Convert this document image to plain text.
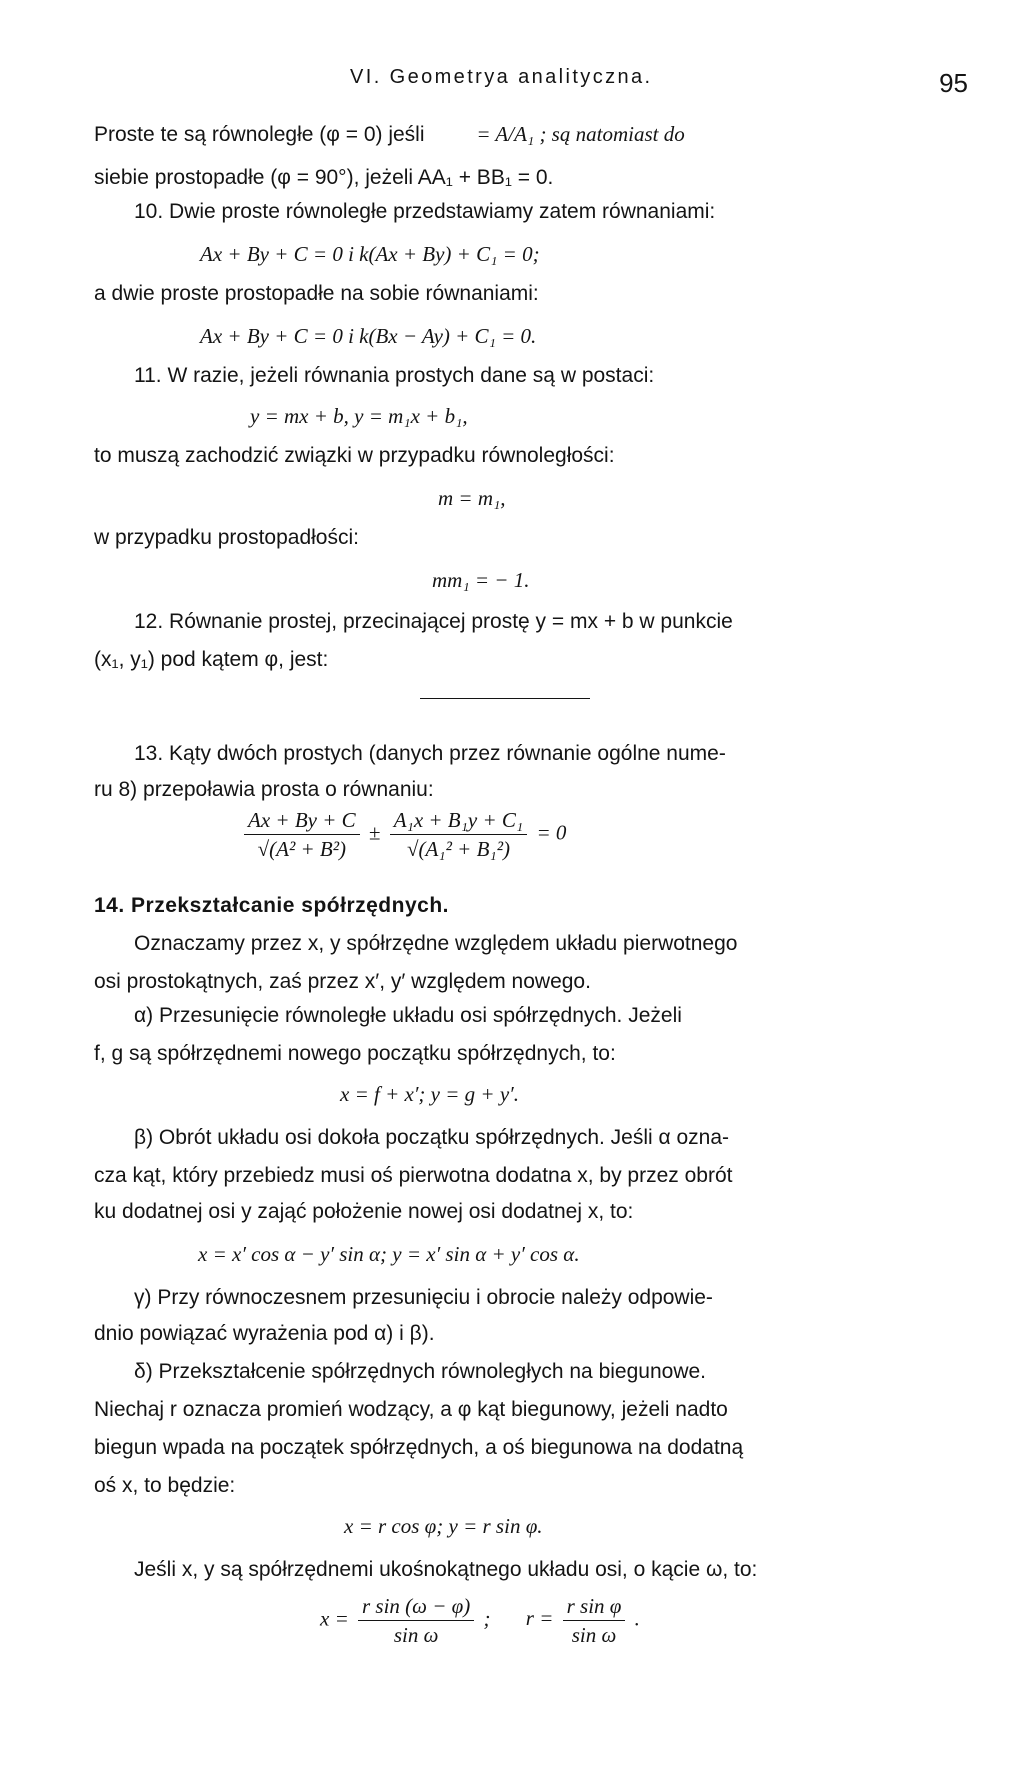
VI. Geometrya analityczna.	95
Proste te są równoległe (φ = 0) jeśli = A/A₁ ; są natomiast do
siebie prostopadłe (φ = 90°), jeżeli AA₁ + BB₁ = 0.
10. Dwie proste równoległe przedstawiamy zatem równaniami:
Ax + By + C = 0 i k(Ax + By) + C₁ = 0;
a dwie proste prostopadłe na sobie równaniami:
Ax + By + C = 0 i k(Bx − Ay) + C₁ = 0.
11. W razie, jeżeli równania prostych dane są w postaci:
y = mx + b, y = m₁x + b₁,
to muszą zachodzić związki w przypadku równoległości:
m = m₁,
w przypadku prostopadłości:
mm₁ = − 1.
12. Równanie prostej, przecinającej prostę y = mx + b w punkcie
(x₁, y₁) pod kątem φ, jest:
13. Kąty dwóch prostych (danych przez równanie ogólne nume-
ru 8) przepoławia prosta o równaniu:
$\frac{Ax + By + C}{\text{√(A² + B²)}} \pm \frac{\text{A₁x + B₁y + C₁}}{\text{√(A₁² + B₁²)}} = 0$
14. Przekształcanie spółrzędnych.
Oznaczamy przez x, y spółrzędne względem układu pierwotnego
osi prostokątnych, zaś przez x′, y′ względem nowego.
α) Przesunięcie równoległe układu osi spółrzędnych. Jeżeli
f, g są spółrzędnemi nowego początku spółrzędnych, to:
x = f + x′; y = g + y′.
β) Obrót układu osi dokoła początku spółrzędnych. Jeśli α ozna-
cza kąt, który przebiedz musi oś pierwotna dodatna x, by przez obrót
ku dodatnej osi y zająć położenie nowej osi dodatnej x, to:
x = x′ cos α − y′ sin α; y = x′ sin α + y′ cos α.
γ) Przy równoczesnem przesunięciu i obrocie należy odpowie-
dnio powiązać wyrażenia pod α) i β).
δ) Przekształcenie spółrzędnych równoległych na biegunowe.
Niechaj r oznacza promień wodzący, a φ kąt biegunowy, jeżeli nadto
biegun wpada na początek spółrzędnych, a oś biegunowa na dodatną
oś x, to będzie:
x = r cos φ; y = r sin φ.
Jeśli x, y są spółrzędnemi ukośnokątnego układu osi, o kącie ω, to:
$x = \frac{\text{r sin (ω − φ)}}{\text{sin ω}}$ ; $r = \frac{\text{r sin φ}}{\text{sin ω}}$ .
